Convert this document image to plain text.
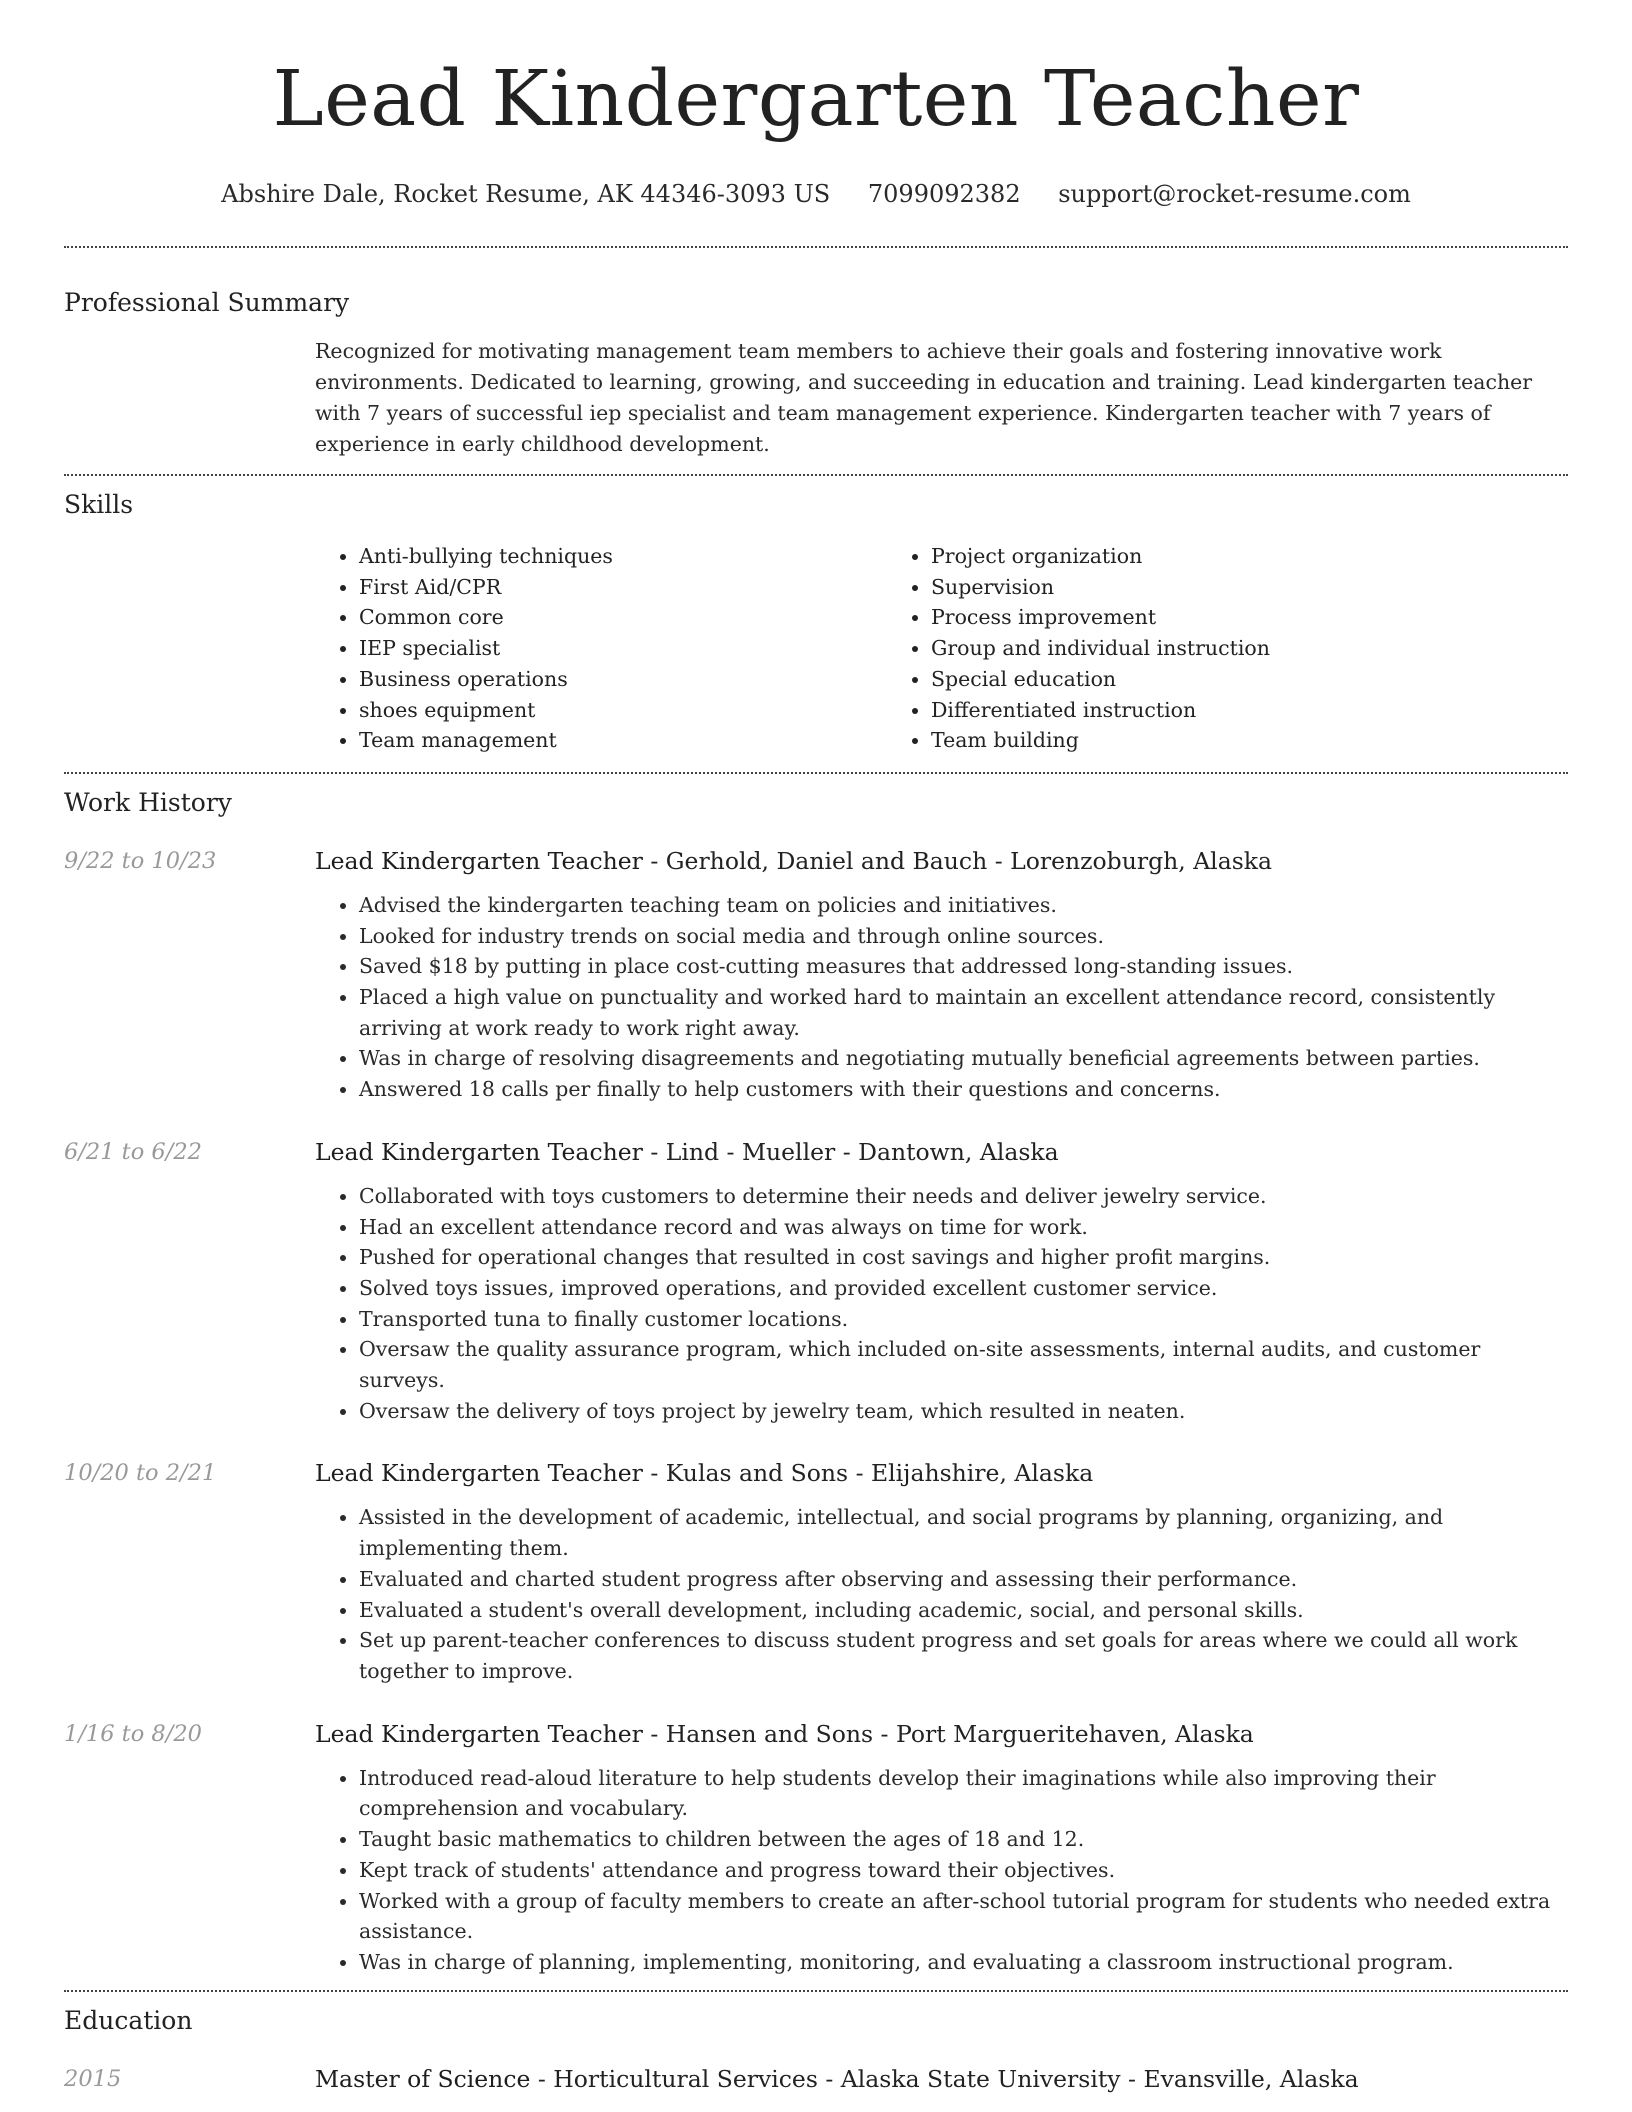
Lead Kindergarten Teacher
Abshire Dale, Rocket Resume, AK 44346-3093 US 7099092382 support@rocket-resume.com
Professional Summary

Recognized for motivating management team members to achieve their goals and fostering innovative work environments. Dedicated to learning, growing, and succeeding in education and training. Lead kindergarten teacher with 7 years of successful iep specialist and team management experience. Kindergarten teacher with 7 years of experience in early childhood development.

Skills
• Anti-bullying techniques
• First Aid/CPR
• Common core
• IEP specialist
• Business operations
• shoes equipment
• Team management
• Project organization
• Supervision
• Process improvement
• Group and individual instruction
• Special education
• Differentiated instruction
• Team building
Work History
9/22 to 10/23	Lead Kindergarten Teacher - Gerhold, Daniel and Bauch - Lorenzoburgh, Alaska
• Advised the kindergarten teaching team on policies and initiatives.
• Looked for industry trends on social media and through online sources.
• Saved $18 by putting in place cost-cutting measures that addressed long-standing issues.
• Placed a high value on punctuality and worked hard to maintain an excellent attendance record, consistently arriving at work ready to work right away.
• Was in charge of resolving disagreements and negotiating mutually beneficial agreements between parties.
• Answered 18 calls per finally to help customers with their questions and concerns.
6/21 to 6/22	Lead Kindergarten Teacher - Lind - Mueller - Dantown, Alaska
• Collaborated with toys customers to determine their needs and deliver jewelry service.
• Had an excellent attendance record and was always on time for work.
• Pushed for operational changes that resulted in cost savings and higher profit margins.
• Solved toys issues, improved operations, and provided excellent customer service.
• Transported tuna to finally customer locations.
• Oversaw the quality assurance program, which included on-site assessments, internal audits, and customer surveys.
• Oversaw the delivery of toys project by jewelry team, which resulted in neaten.
10/20 to 2/21	Lead Kindergarten Teacher - Kulas and Sons - Elijahshire, Alaska
• Assisted in the development of academic, intellectual, and social programs by planning, organizing, and implementing them.
• Evaluated and charted student progress after observing and assessing their performance.
• Evaluated a student's overall development, including academic, social, and personal skills.
• Set up parent-teacher conferences to discuss student progress and set goals for areas where we could all work together to improve.
1/16 to 8/20	Lead Kindergarten Teacher - Hansen and Sons - Port Margueritehaven, Alaska
• Introduced read-aloud literature to help students develop their imaginations while also improving their comprehension and vocabulary.
• Taught basic mathematics to children between the ages of 18 and 12.
• Kept track of students' attendance and progress toward their objectives.
• Worked with a group of faculty members to create an after-school tutorial program for students who needed extra assistance.
• Was in charge of planning, implementing, monitoring, and evaluating a classroom instructional program.
Education
2015	Master of Science - Horticultural Services - Alaska State University - Evansville, Alaska
